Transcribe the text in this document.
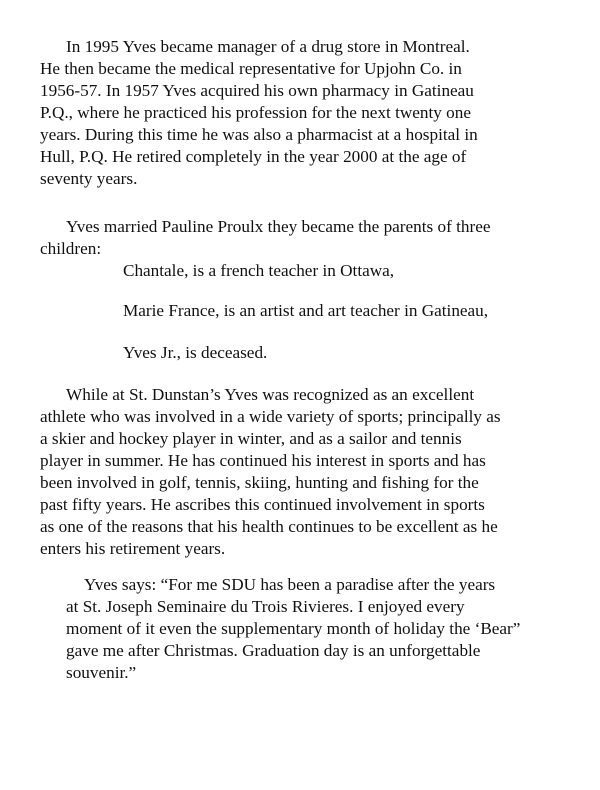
In 1995 Yves became manager of a drug store in Montreal.
He then became the medical representative for Upjohn Co. in
1956-57. In 1957 Yves acquired his own pharmacy in Gatineau
P.Q., where he practiced his profession for the next twenty one
years. During this time he was also a pharmacist at a hospital in
Hull, P.Q. He retired completely in the year 2000 at the age of
seventy years.
Yves married Pauline Proulx they became the parents of three
children:
Chantale, is a french teacher in Ottawa,
Marie France, is an artist and art teacher in Gatineau,
Yves Jr., is deceased.
While at St. Dunstan’s Yves was recognized as an excellent
athlete who was involved in a wide variety of sports; principally as
a skier and hockey player in winter, and as a sailor and tennis
player in summer. He has continued his interest in sports and has
been involved in golf, tennis, skiing, hunting and fishing for the
past fifty years. He ascribes this continued involvement in sports
as one of the reasons that his health continues to be excellent as he
enters his retirement years.
Yves says: “For me SDU has been a paradise after the years
at St. Joseph Seminaire du Trois Rivieres. I enjoyed every
moment of it even the supplementary month of holiday the ‘Bear”
gave me after Christmas. Graduation day is an unforgettable
souvenir.”
